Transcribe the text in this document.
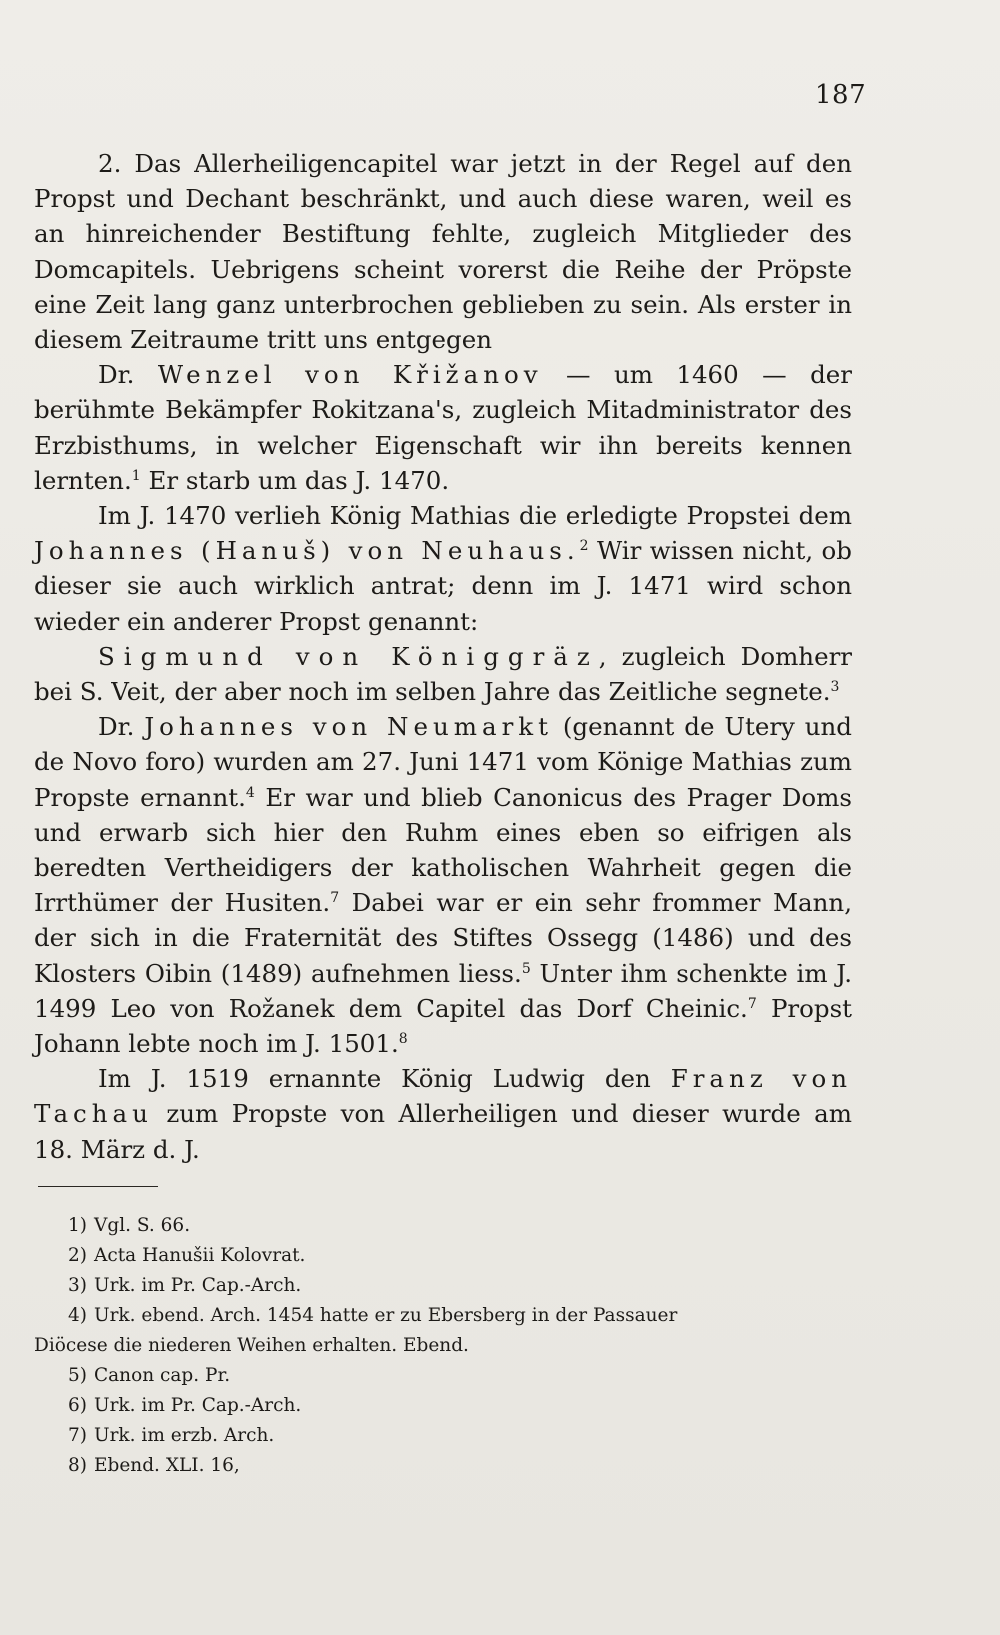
187

2. Das Allerheiligencapitel war jetzt in der Regel auf den Propst und Dechant beschränkt, und auch diese waren, weil es an hinreichender Bestiftung fehlte, zugleich Mitglieder des Domcapitels. Uebrigens scheint vorerst die Reihe der Pröpste eine Zeit lang ganz unterbrochen geblieben zu sein. Als erster in diesem Zeitraume tritt uns entgegen

Dr. Wenzel von Křižanov — um 1460 — der berühmte Bekämpfer Rokitzana's, zugleich Mitadministrator des Erzbisthums, in welcher Eigenschaft wir ihn bereits kennen lernten.$^1$ Er starb um das J. 1470.

Im J. 1470 verlieh König Mathias die erledigte Propstei dem Johannes (Hanuš) von Neuhaus.$^2$ Wir wissen nicht, ob dieser sie auch wirklich antrat; denn im J. 1471 wird schon wieder ein anderer Propst genannt:

Sigmund von Königgräz, zugleich Domherr bei S. Veit, der aber noch im selben Jahre das Zeitliche segnete.$^3$

Dr. Johannes von Neumarkt (genannt de Utery und de Novo foro) wurden am 27. Juni 1471 vom Könige Mathias zum Propste ernannt.$^4$ Er war und blieb Canonicus des Prager Doms und erwarb sich hier den Ruhm eines eben so eifrigen als beredten Vertheidigers der katholischen Wahrheit gegen die Irrthümer der Husiten.$^7$ Dabei war er ein sehr frommer Mann, der sich in die Fraternität des Stiftes Ossegg (1486) und des Klosters Oibin (1489) aufnehmen liess.$^5$ Unter ihm schenkte im J. 1499 Leo von Rožanek dem Capitel das Dorf Cheinic.$^7$ Propst Johann lebte noch im J. 1501.$^8$

Im J. 1519 ernannte König Ludwig den Franz von Tachau zum Propste von Allerheiligen und dieser wurde am 18. März d. J.

1) Vgl. S. 66.

2) Acta Hanušii Kolovrat.

3) Urk. im Pr. Cap.-Arch.

4) Urk. ebend. Arch. 1454 hatte er zu Ebersberg in der Passauer

Diöcese die niederen Weihen erhalten. Ebend.

5) Canon cap. Pr.

6) Urk. im Pr. Cap.-Arch.

7) Urk. im erzb. Arch.

8) Ebend. XLI. 16,
